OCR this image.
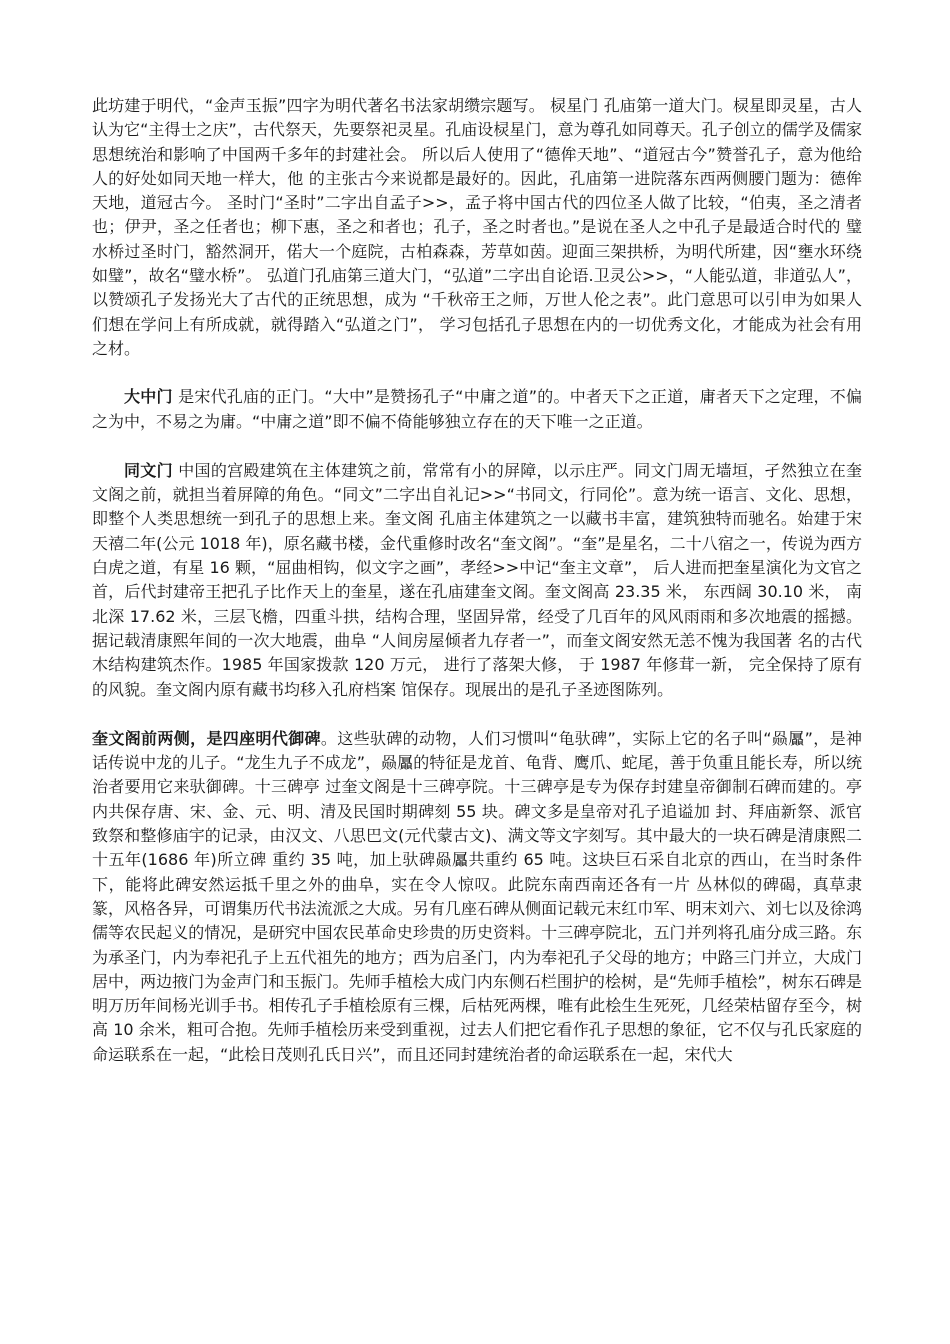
此坊建于明代，“金声玉振”四字为明代著名书法家胡缵宗题写。 棂星门 孔庙第一道大门。棂星即灵星，古人认为它“主得士之庆”，古代祭天，先要祭祀灵星。孔庙设棂星门，意为尊孔如同尊天。孔子创立的儒学及儒家思想统治和影响了中国两千多年的封建社会。 所以后人使用了“德侔天地”、“道冠古今”赞誉孔子，意为他给人的好处如同天地一样大，他 的主张古今来说都是最好的。因此，孔庙第一进院落东西两侧腰门题为：德侔天地，道冠古今。 圣时门“圣时”二字出自孟子>>，孟子将中国古代的四位圣人做了比较，“伯夷，圣之清者也；伊尹，圣之任者也；柳下惠，圣之和者也；孔子，圣之时者也。”是说在圣人之中孔子是最适合时代的 璧水桥过圣时门，豁然洞开，偌大一个庭院，古柏森森，芳草如茵。迎面三架拱桥，为明代所建，因“壅水环绕如璧”，故名“璧水桥”。 弘道门孔庙第三道大门，“弘道”二字出自论语.卫灵公>>，“人能弘道，非道弘人”，以赞颂孔子发扬光大了古代的正统思想，成为 “千秋帝王之师，万世人伦之表”。此门意思可以引申为如果人们想在学问上有所成就，就得踏入“弘道之门”， 学习包括孔子思想在内的一切优秀文化，才能成为社会有用之材。

大中门 是宋代孔庙的正门。“大中”是赞扬孔子“中庸之道”的。中者天下之正道，庸者天下之定理，不偏之为中，不易之为庸。“中庸之道”即不偏不倚能够独立存在的天下唯一之正道。

同文门 中国的宫殿建筑在主体建筑之前，常常有小的屏障，以示庄严。同文门周无墙垣，孑然独立在奎文阁之前，就担当着屏障的角色。“同文”二字出自礼记>>“书同文，行同伦”。意为统一语言、文化、思想，即整个人类思想统一到孔子的思想上来。奎文阁 孔庙主体建筑之一以藏书丰富，建筑独特而驰名。始建于宋天禧二年(公元 1018 年)，原名藏书楼，金代重修时改名“奎文阁”。“奎”是星名，二十八宿之一，传说为西方白虎之道，有星 16 颗，“屈曲相钩，似文字之画”，孝经>>中记“奎主文章”， 后人进而把奎星演化为文官之 首，后代封建帝王把孔子比作天上的奎星，遂在孔庙建奎文阁。奎文阁高 23.35 米， 东西阔 30.10 米， 南北深 17.62 米，三层飞檐，四重斗拱，结构合理，坚固异常，经受了几百年的风风雨雨和多次地震的摇撼。据记载清康熙年间的一次大地震，曲阜 “人间房屋倾者九存者一”，而奎文阁安然无恙不愧为我国著 名的古代木结构建筑杰作。1985 年国家拨款 120 万元， 进行了落架大修， 于 1987 年修茸一新， 完全保持了原有的风貌。奎文阁内原有藏书均移入孔府档案 馆保存。现展出的是孔子圣迹图陈列。

奎文阁前两侧，是四座明代御碑。这些驮碑的动物，人们习惯叫“龟驮碑”，实际上它的名子叫“赑屭”，是神 话传说中龙的儿子。“龙生九子不成龙”，赑屭的特征是龙首、龟背、鹰爪、蛇尾，善于负重且能长寿，所以统治者要用它来驮御碑。十三碑亭 过奎文阁是十三碑亭院。十三碑亭是专为保存封建皇帝御制石碑而建的。亭内共保存唐、宋、金、元、明、清及民国时期碑刻 55 块。碑文多是皇帝对孔子追谥加 封、拜庙新祭、派官致祭和整修庙宇的记录，由汉文、八思巴文(元代蒙古文)、满文等文字刻写。其中最大的一块石碑是清康熙二十五年(1686 年)所立碑 重约 35 吨，加上驮碑赑屭共重约 65 吨。这块巨石采自北京的西山，在当时条件下，能将此碑安然运抵千里之外的曲阜，实在令人惊叹。此院东南西南还各有一片 丛林似的碑碣，真草隶篆，风格各异，可谓集历代书法流派之大成。另有几座石碑从侧面记载元末红巾军、明末刘六、刘七以及徐鸿儒等农民起义的情况，是研究中国农民革命史珍贵的历史资料。十三碑亭院北，五门并列将孔庙分成三路。东为承圣门，内为奉祀孔子上五代祖先的地方；西为启圣门，内为奉祀孔子父母的地方；中路三门并立，大成门居中，两边掖门为金声门和玉振门。先师手植桧大成门内东侧石栏围护的桧树，是“先师手植桧”，树东石碑是明万历年间杨光训手书。相传孔子手植桧原有三棵，后枯死两棵，唯有此桧生生死死，几经荣枯留存至今，树高 10 余米，粗可合抱。先师手植桧历来受到重视，过去人们把它看作孔子思想的象征，它不仅与孔氏家庭的命运联系在一起，“此桧日茂则孔氏日兴”，而且还同封建统治者的命运联系在一起，宋代大
